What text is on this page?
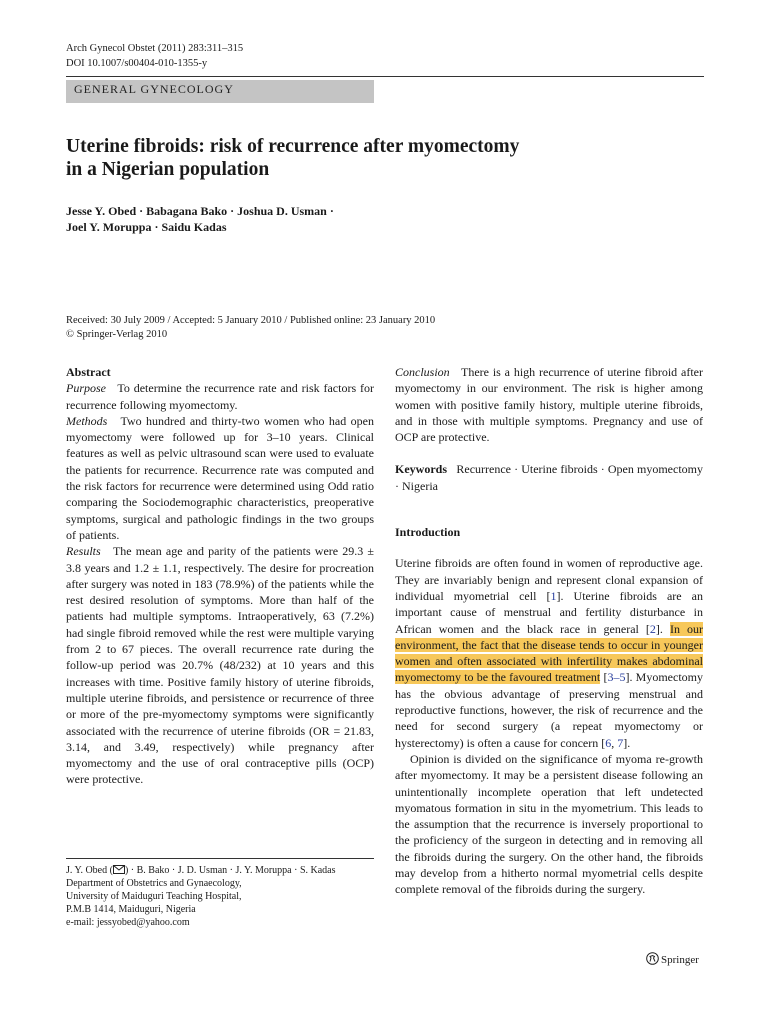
Arch Gynecol Obstet (2011) 283:311–315
DOI 10.1007/s00404-010-1355-y
GENERAL GYNECOLOGY
Uterine fibroids: risk of recurrence after myomectomy
in a Nigerian population
Jesse Y. Obed · Babagana Bako · Joshua D. Usman ·
Joel Y. Moruppa · Saidu Kadas
Received: 30 July 2009 / Accepted: 5 January 2010 / Published online: 23 January 2010
© Springer-Verlag 2010

Abstract

Purpose To determine the recurrence rate and risk factors for recurrence following myomectomy.

Methods Two hundred and thirty-two women who had open myomectomy were followed up for 3–10 years. Clinical features as well as pelvic ultrasound scan were used to evaluate the patients for recurrence. Recurrence rate was computed and the risk factors for recurrence were determined using Odd ratio comparing the Sociodemographic characteristics, preoperative symptoms, surgical and pathologic findings in the two groups of patients.

Results The mean age and parity of the patients were 29.3 ± 3.8 years and 1.2 ± 1.1, respectively. The desire for procreation after surgery was noted in 183 (78.9%) of the patients while the rest desired resolution of symptoms. More than half of the patients had multiple symptoms. Intraoperatively, 63 (7.2%) had single fibroid removed while the rest were multiple varying from 2 to 67 pieces. The overall recurrence rate during the follow-up period was 20.7% (48/232) at 10 years and this increases with time. Positive family history of uterine fibroids, multiple uterine fibroids, and persistence or recurrence of three or more of the pre-myomectomy symptoms were significantly associated with the recurrence of uterine fibroids (OR = 21.83, 3.14, and 3.49, respectively) while pregnancy after myomectomy and the use of oral contraceptive pills (OCP) were protective.

Conclusion There is a high recurrence of uterine fibroid after myomectomy in our environment. The risk is higher among women with positive family history, multiple uterine fibroids, and in those with multiple symptoms. Pregnancy and use of OCP are protective.

Keywords Recurrence · Uterine fibroids · Open myomectomy · Nigeria

Introduction

Uterine fibroids are often found in women of reproductive age. They are invariably benign and represent clonal expansion of individual myometrial cell [1]. Uterine fibroids are an important cause of menstrual and fertility disturbance in African women and the black race in general [2]. In our environment, the fact that the disease tends to occur in younger women and often associated with infertility makes abdominal myomectomy to be the favoured treatment [3–5]. Myomectomy has the obvious advantage of preserving menstrual and reproductive functions, however, the risk of recurrence and the need for second surgery (a repeat myomectomy or hysterectomy) is often a cause for concern [6, 7].

Opinion is divided on the significance of myoma re-growth after myomectomy. It may be a persistent disease following an unintentionally incomplete operation that left undetected myomatous formation in situ in the myometrium. This leads to the assumption that the recurrence is inversely proportional to the proficiency of the surgeon in detecting and in removing all the fibroids during the surgery. On the other hand, the fibroids may develop from a hitherto normal myometrial cells despite complete removal of the fibroids during the surgery.

J. Y. Obed ( ) · B. Bako · J. D. Usman · J. Y. Moruppa · S. Kadas
Department of Obstetrics and Gynaecology,
University of Maiduguri Teaching Hospital,
P.M.B 1414, Maiduguri, Nigeria
e-mail: jessyobed@yahoo.com
Springer
